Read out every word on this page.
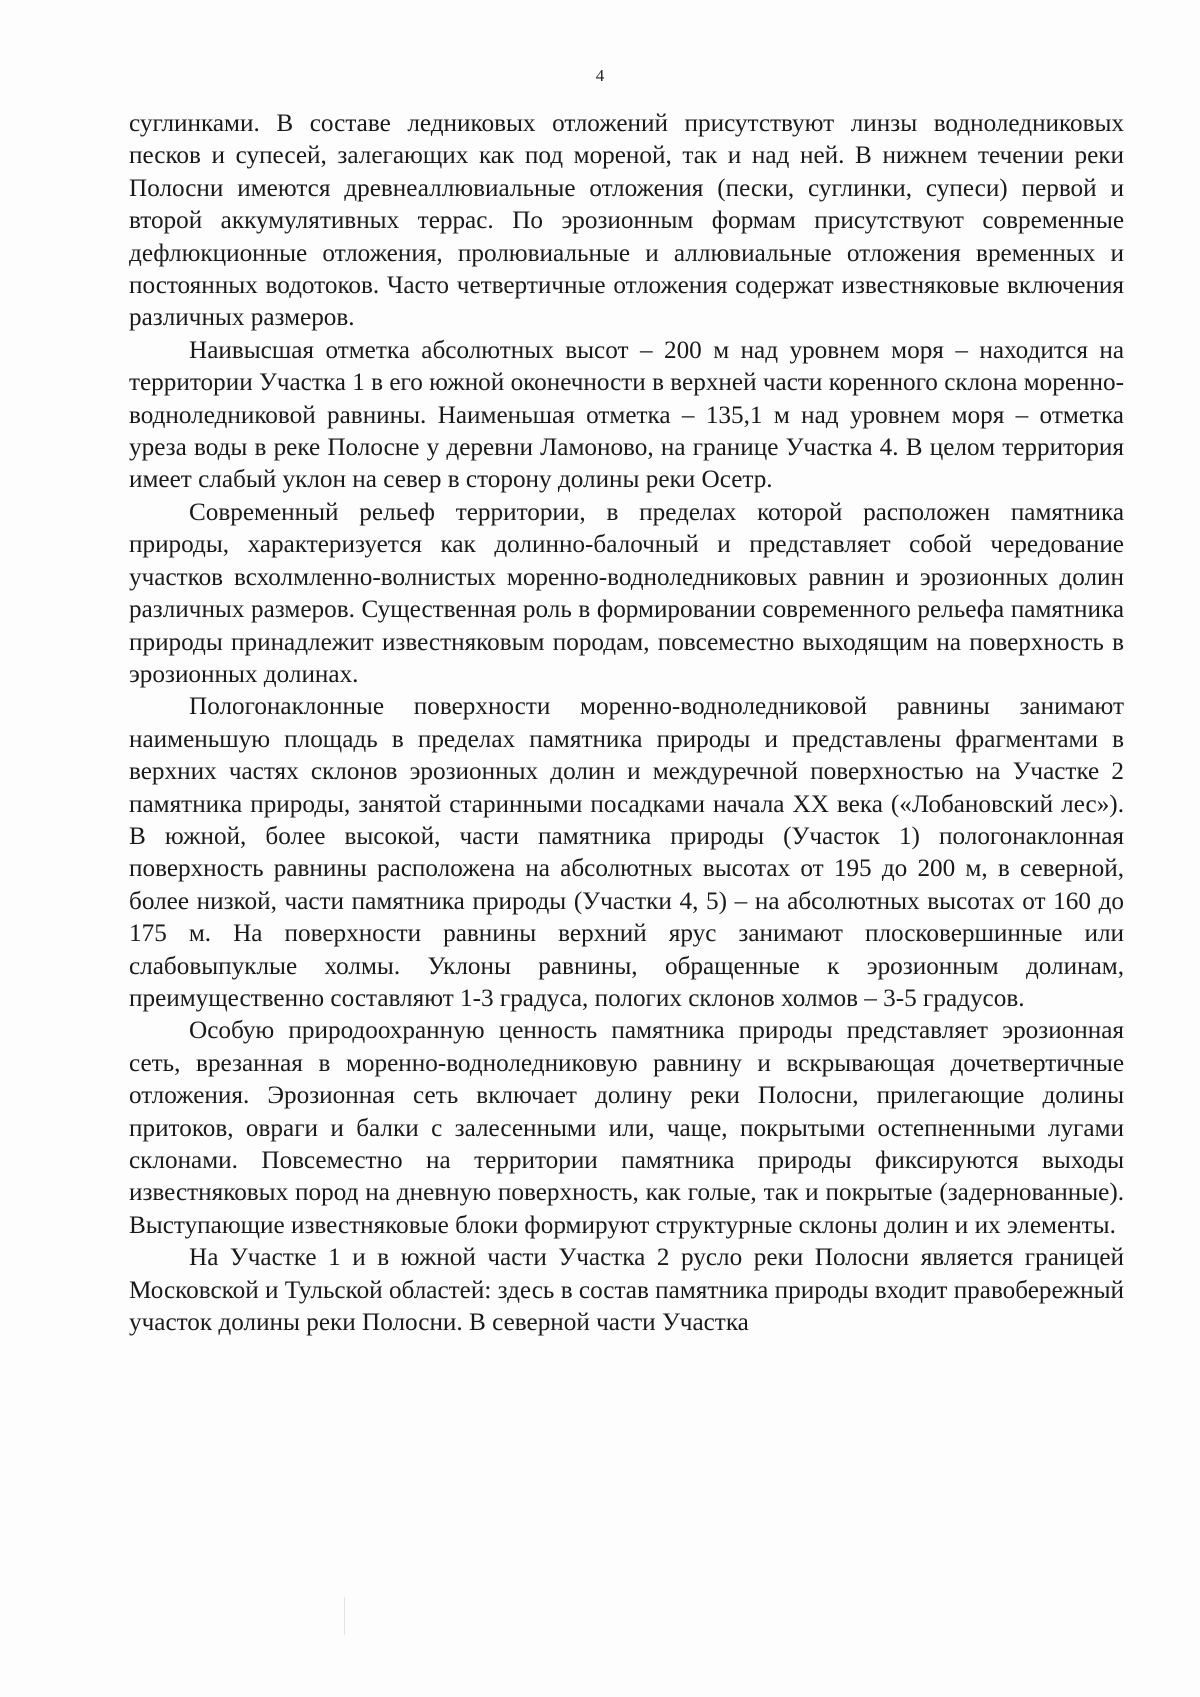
4

суглинками. В составе ледниковых отложений присутствуют линзы водноледниковых песков и супесей, залегающих как под мореной, так и над ней. В нижнем течении реки Полосни имеются древнеаллювиальные отложения (пески, суглинки, супеси) первой и второй аккумулятивных террас. По эрозионным формам присутствуют современные дефлюкционные отложения, пролювиальные и аллювиальные отложения временных и постоянных водотоков. Часто четвертичные отложения содержат известняковые включения различных размеров.

Наивысшая отметка абсолютных высот – 200 м над уровнем моря – находится на территории Участка 1 в его южной оконечности в верхней части коренного склона моренно-водноледниковой равнины. Наименьшая отметка – 135,1 м над уровнем моря – отметка уреза воды в реке Полосне у деревни Ламоново, на границе Участка 4. В целом территория имеет слабый уклон на север в сторону долины реки Осетр.

Современный рельеф территории, в пределах которой расположен памятника природы, характеризуется как долинно-балочный и представляет собой чередование участков всхолмленно-волнистых моренно-водноледниковых равнин и эрозионных долин различных размеров. Существенная роль в формировании современного рельефа памятника природы принадлежит известняковым породам, повсеместно выходящим на поверхность в эрозионных долинах.

Пологонаклонные поверхности моренно-водноледниковой равнины занимают наименьшую площадь в пределах памятника природы и представлены фрагментами в верхних частях склонов эрозионных долин и междуречной поверхностью на Участке 2 памятника природы, занятой старинными посадками начала XX века («Лобановский лес»). В южной, более высокой, части памятника природы (Участок 1) пологонаклонная поверхность равнины расположена на абсолютных высотах от 195 до 200 м, в северной, более низкой, части памятника природы (Участки 4, 5) – на абсолютных высотах от 160 до 175 м. На поверхности равнины верхний ярус занимают плосковершинные или слабовыпуклые холмы. Уклоны равнины, обращенные к эрозионным долинам, преимущественно составляют 1-3 градуса, пологих склонов холмов – 3-5 градусов.

Особую природоохранную ценность памятника природы представляет эрозионная сеть, врезанная в моренно-водноледниковую равнину и вскрывающая дочетвертичные отложения. Эрозионная сеть включает долину реки Полосни, прилегающие долины притоков, овраги и балки с залесенными или, чаще, покрытыми остепненными лугами склонами. Повсеместно на территории памятника природы фиксируются выходы известняковых пород на дневную поверхность, как голые, так и покрытые (задернованные). Выступающие известняковые блоки формируют структурные склоны долин и их элементы.

На Участке 1 и в южной части Участка 2 русло реки Полосни является границей Московской и Тульской областей: здесь в состав памятника природы входит правобережный участок долины реки Полосни. В северной части Участка
